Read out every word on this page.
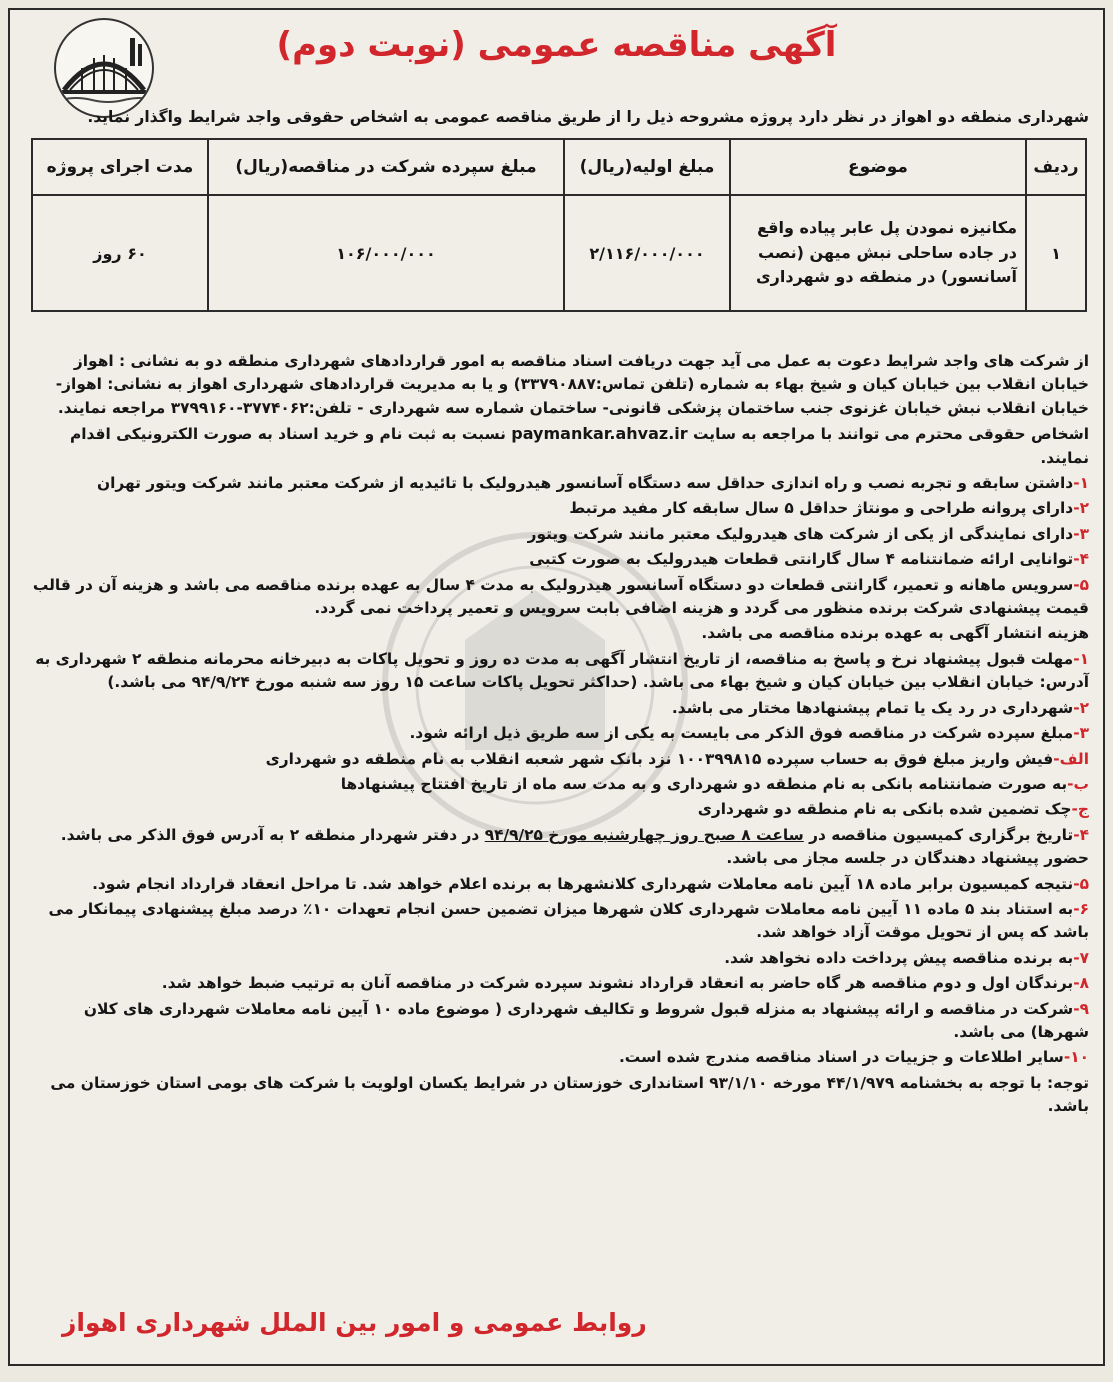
آگهی مناقصه عمومی (نوبت دوم)
شهرداری منطقه دو اهواز در نظر دارد پروژه مشروحه ذیل را از طریق مناقصه عمومی به اشخاص حقوقی واجد شرایط واگذار نماید.
ردیف	موضوع	مبلغ اولیه(ریال)	مبلغ سپرده شرکت در مناقصه(ریال)	مدت اجرای پروژه
۱	مکانیزه نمودن پل عابر پیاده واقع در جاده ساحلی نبش میهن (نصب آسانسور) در منطقه دو شهرداری	۲/۱۱۶/۰۰۰/۰۰۰	۱۰۶/۰۰۰/۰۰۰	۶۰ روز

از شرکت های واجد شرایط دعوت به عمل می آید جهت دریافت اسناد مناقصه به امور قراردادهای شهرداری منطقه دو به نشانی : اهواز خیابان انقلاب بین خیابان کیان و شیخ بهاء به شماره (تلفن تماس:۳۳۷۹۰۸۸۷) و یا به مدیریت قراردادهای شهرداری اهواز به نشانی: اهواز- خیابان انقلاب نبش خیابان غزنوی جنب ساختمان پزشکی قانونی- ساختمان شماره سه شهرداری - تلفن:۳۷۷۴۰۶۲-۳۷۹۹۱۶۰ مراجعه نمایند.

اشخاص حقوقی محترم می توانند با مراجعه به سایت paymankar.ahvaz.ir نسبت به ثبت نام و خرید اسناد به صورت الکترونیکی اقدام نمایند.

۱-داشتن سابقه و تجربه نصب و راه اندازی حداقل سه دستگاه آسانسور هیدرولیک با تائیدیه از شرکت معتبر مانند شرکت ویتور تهران

۲-دارای پروانه طراحی و مونتاژ حداقل ۵ سال سابقه کار مفید مرتبط

۳-دارای نمایندگی از یکی از شرکت های هیدرولیک معتبر مانند شرکت ویتور

۴-توانایی ارائه ضمانتنامه ۴ سال گارانتی قطعات هیدرولیک به صورت کتبی

۵-سرویس ماهانه و تعمیر، گارانتی قطعات دو دستگاه آسانسور هیدرولیک به مدت ۴ سال به عهده برنده مناقصه می باشد و هزینه آن در قالب قیمت پیشنهادی شرکت برنده منظور می گردد و هزینه اضافی بابت سرویس و تعمیر پرداخت نمی گردد.

هزینه انتشار آگهی به عهده برنده مناقصه می باشد.

۱-مهلت قبول پیشنهاد نرخ و پاسخ به مناقصه، از تاریخ انتشار آگهی به مدت ده روز و تحویل پاکات به دبیرخانه محرمانه منطقه ۲ شهرداری به آدرس: خیابان انقلاب بین خیابان کیان و شیخ بهاء می باشد. (حداکثر تحویل پاکات ساعت ۱۵ روز سه شنبه مورخ ۹۴/۹/۲۴ می باشد.)

۲-شهرداری در رد یک یا تمام پیشنهادها مختار می باشد.

۳-مبلغ سپرده شرکت در مناقصه فوق الذکر می بایست به یکی از سه طریق ذیل ارائه شود.

الف-فیش واریز مبلغ فوق به حساب سپرده ۱۰۰۳۹۹۸۱۵ نزد بانک شهر شعبه انقلاب به نام منطقه دو شهرداری

ب-به صورت ضمانتنامه بانکی به نام منطقه دو شهرداری و به مدت سه ماه از تاریخ افتتاح پیشنهادها

ج-چک تضمین شده بانکی به نام منطقه دو شهرداری

۴-تاریخ برگزاری کمیسیون مناقصه در ساعت ۸ صبح روز چهارشنبه مورخ ۹۴/۹/۲۵ در دفتر شهردار منطقه ۲ به آدرس فوق الذکر می باشد. حضور پیشنهاد دهندگان در جلسه مجاز می باشد.

۵-نتیجه کمیسیون برابر ماده ۱۸ آیین نامه معاملات شهرداری کلانشهرها به برنده اعلام خواهد شد. تا مراحل انعقاد قرارداد انجام شود.

۶-به استناد بند ۵ ماده ۱۱ آیین نامه معاملات شهرداری کلان شهرها میزان تضمین حسن انجام تعهدات ۱۰٪ درصد مبلغ پیشنهادی پیمانکار می باشد که پس از تحویل موقت آزاد خواهد شد.

۷-به برنده مناقصه پیش پرداخت داده نخواهد شد.

۸-برندگان اول و دوم مناقصه هر گاه حاضر به انعقاد قرارداد نشوند سپرده شرکت در مناقصه آنان به ترتیب ضبط خواهد شد.

۹-شرکت در مناقصه و ارائه پیشنهاد به منزله قبول شروط و تکالیف شهرداری ( موضوع ماده ۱۰ آیین نامه معاملات شهرداری های کلان شهرها) می باشد.

۱۰-سایر اطلاعات و جزییات در اسناد مناقصه مندرج شده است.

توجه: با توجه به بخشنامه ۴۴/۱/۹۷۹ مورخه ۹۳/۱/۱۰ استانداری خوزستان در شرایط یکسان اولویت با شرکت های بومی استان خوزستان می باشد.

روابط عمومی و امور بین الملل شهرداری اهواز
